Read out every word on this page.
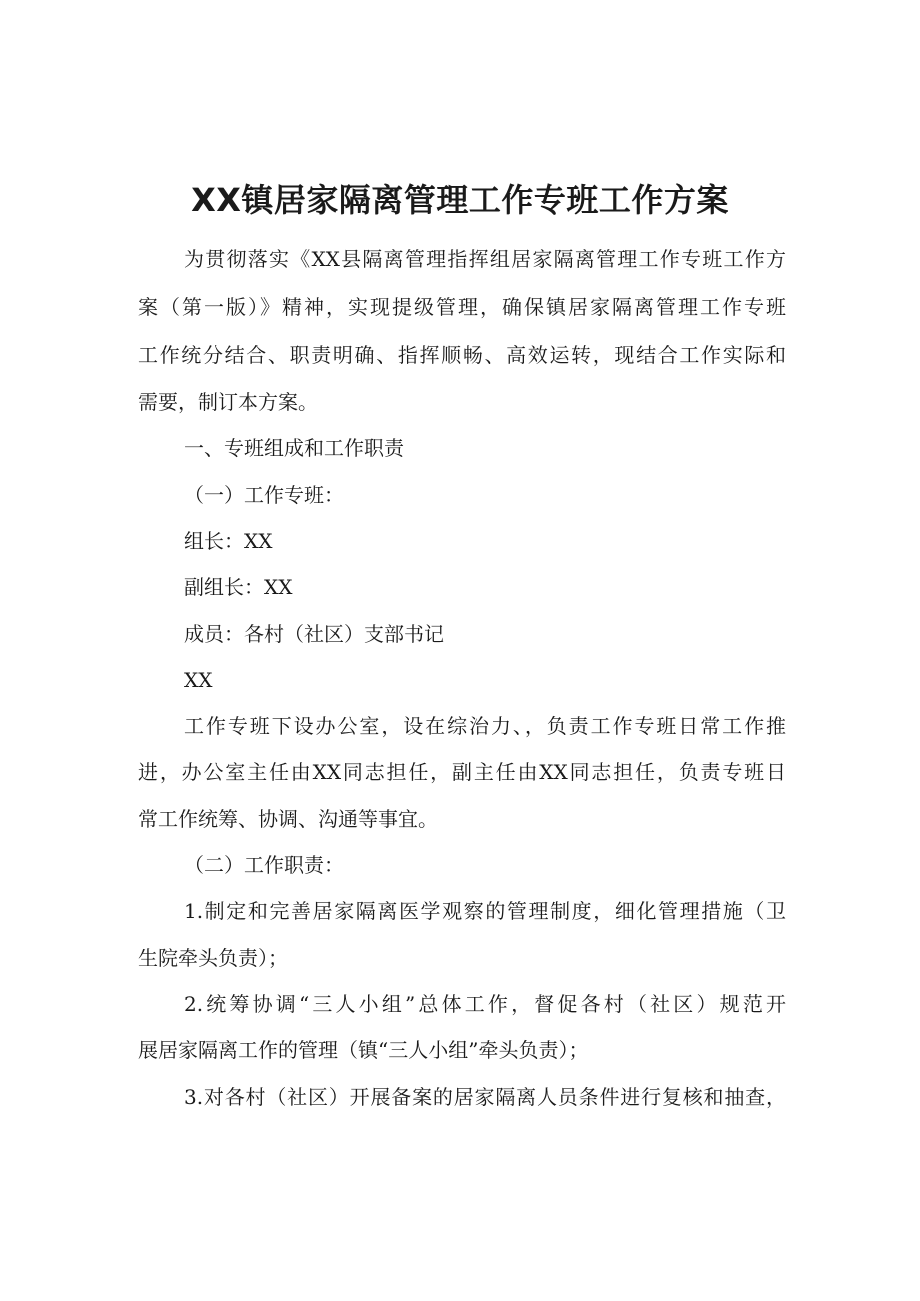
XX镇居家隔离管理工作专班工作方案

为贯彻落实《XX县隔离管理指挥组居家隔离管理工作专班工作方

案（第一版）》精神，实现提级管理，确保镇居家隔离管理工作专班

工作统分结合、职责明确、指挥顺畅、高效运转，现结合工作实际和

需要，制订本方案。

一、专班组成和工作职责

（一）工作专班：

组长：XX

副组长：XX

成员：各村（社区）支部书记

XX

工作专班下设办公室，设在综治力、，负责工作专班日常工作推

进，办公室主任由XX同志担任，副主任由XX同志担任，负责专班日

常工作统筹、协调、沟通等事宜。

（二）工作职责：

1.制定和完善居家隔离医学观察的管理制度，细化管理措施（卫

生院牵头负责）；

2.统筹协调“三人小组”总体工作，督促各村（社区）规范开

展居家隔离工作的管理（镇“三人小组”牵头负责）；

3.对各村（社区）开展备案的居家隔离人员条件进行复核和抽查，
